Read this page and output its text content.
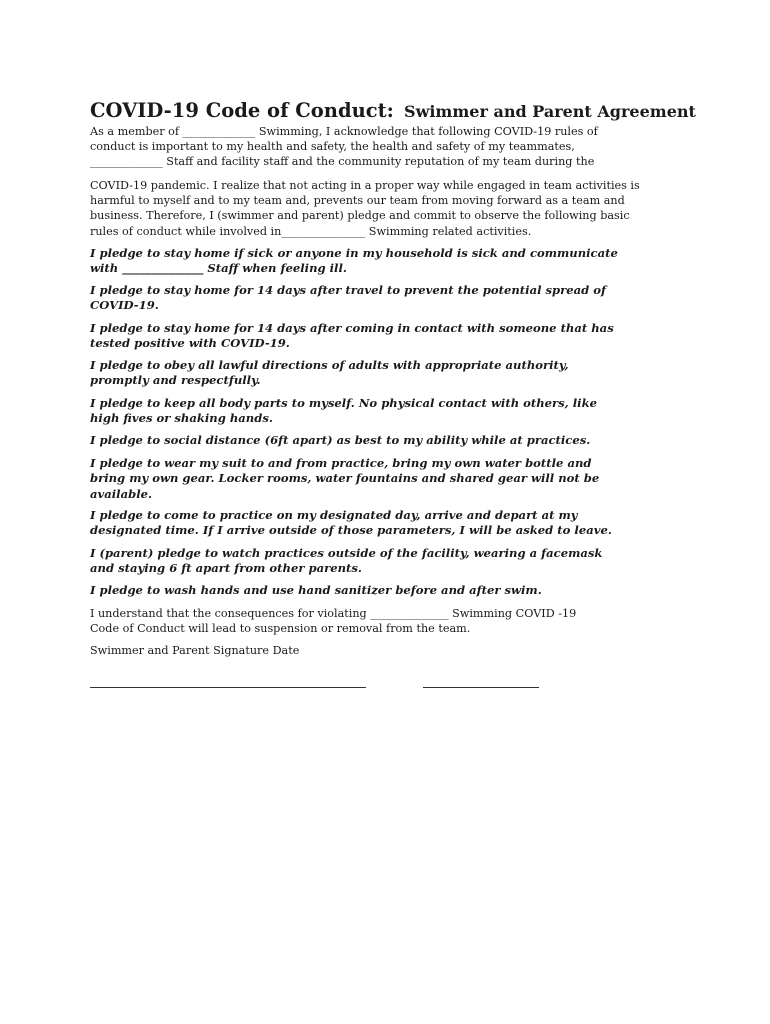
COVID-19 Code of Conduct: Swimmer and Parent Agreement

As a member of _____________ Swimming, I acknowledge that following COVID-19 rules of
conduct is important to my health and safety, the health and safety of my teammates,
_____________ Staff and facility staff and the community reputation of my team during the

COVID-19 pandemic. I realize that not acting in a proper way while engaged in team activities is
harmful to myself and to my team and, prevents our team from moving forward as a team and
business. Therefore, I (swimmer and parent) pledge and commit to observe the following basic
rules of conduct while involved in_______________ Swimming related activities.

I pledge to stay home if sick or anyone in my household is sick and communicate
with ______________ Staff when feeling ill.

I pledge to stay home for 14 days after travel to prevent the potential spread of
COVID-19.

I pledge to stay home for 14 days after coming in contact with someone that has
tested positive with COVID-19.

I pledge to obey all lawful directions of adults with appropriate authority,
promptly and respectfully.

I pledge to keep all body parts to myself. No physical contact with others, like
high fives or shaking hands.

I pledge to social distance (6ft apart) as best to my ability while at practices.

I pledge to wear my suit to and from practice, bring my own water bottle and
bring my own gear. Locker rooms, water fountains and shared gear will not be
available.

I pledge to come to practice on my designated day, arrive and depart at my
designated time. If I arrive outside of those parameters, I will be asked to leave.

I (parent) pledge to watch practices outside of the facility, wearing a facemask
and staying 6 ft apart from other parents.

I pledge to wash hands and use hand sanitizer before and after swim.

I understand that the consequences for violating ______________ Swimming COVID -19
Code of Conduct will lead to suspension or removal from the team.

Swimmer and Parent Signature Date
